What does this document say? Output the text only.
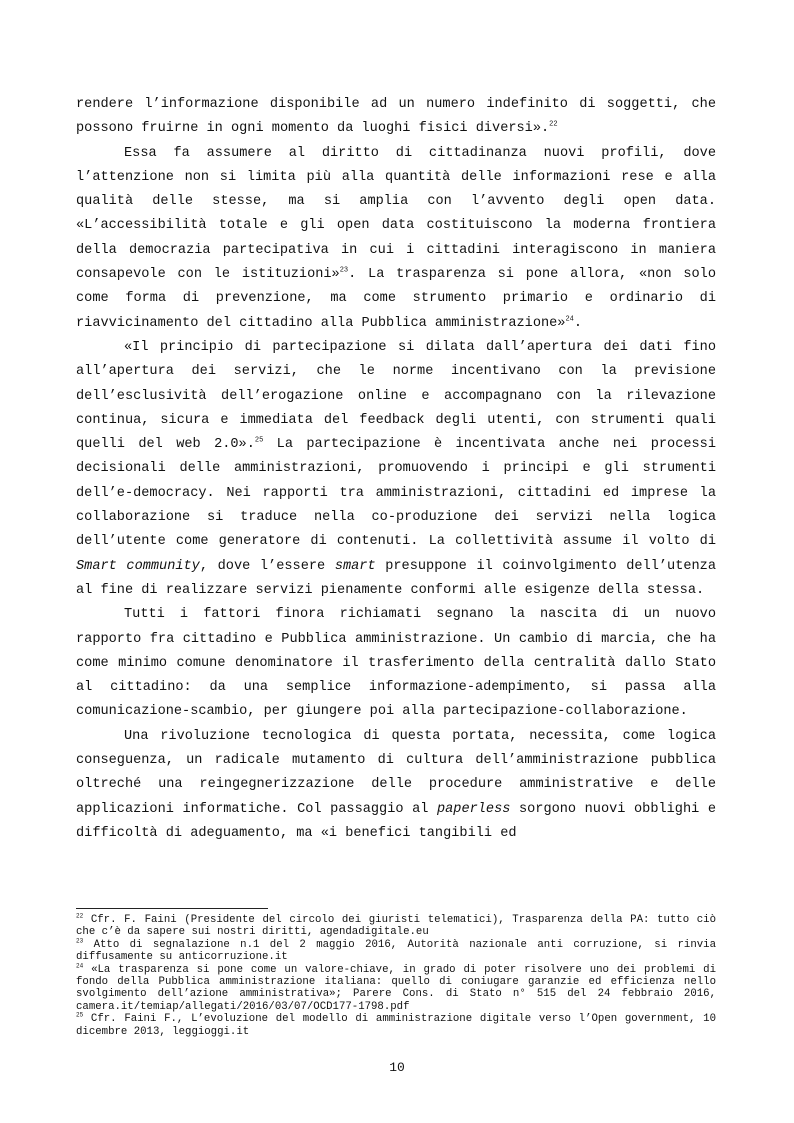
rendere l’informazione disponibile ad un numero indefinito di soggetti, che possono fruirne in ogni momento da luoghi fisici diversi».$^{22}$

Essa fa assumere al diritto di cittadinanza nuovi profili, dove l’attenzione non si limita più alla quantità delle informazioni rese e alla qualità delle stesse, ma si amplia con l’avvento degli open data. «L’accessibilità totale e gli open data costituiscono la moderna frontiera della democrazia partecipativa in cui i cittadini interagiscono in maniera consapevole con le istituzioni»$^{23}$. La trasparenza si pone allora, «non solo come forma di prevenzione, ma come strumento primario e ordinario di riavvicinamento del cittadino alla Pubblica amministrazione»$^{24}$.

«Il principio di partecipazione si dilata dall’apertura dei dati fino all’apertura dei servizi, che le norme incentivano con la previsione dell’esclusività dell’erogazione online e accompagnano con la rilevazione continua, sicura e immediata del feedback degli utenti, con strumenti quali quelli del web 2.0».$^{25}$ La partecipazione è incentivata anche nei processi decisionali delle amministrazioni, promuovendo i principi e gli strumenti dell’e-democracy. Nei rapporti tra amministrazioni, cittadini ed imprese la collaborazione si traduce nella co-produzione dei servizi nella logica dell’utente come generatore di contenuti. La collettività assume il volto di Smart community, dove l’essere smart presuppone il coinvolgimento dell’utenza al fine di realizzare servizi pienamente conformi alle esigenze della stessa.

Tutti i fattori finora richiamati segnano la nascita di un nuovo rapporto fra cittadino e Pubblica amministrazione. Un cambio di marcia, che ha come minimo comune denominatore il trasferimento della centralità dallo Stato al cittadino: da una semplice informazione-adempimento, si passa alla comunicazione-scambio, per giungere poi alla partecipazione-collaborazione.

Una rivoluzione tecnologica di questa portata, necessita, come logica conseguenza, un radicale mutamento di cultura dell’amministrazione pubblica oltreché una reingegnerizzazione delle procedure amministrative e delle applicazioni informatiche. Col passaggio al paperless sorgono nuovi obblighi e difficoltà di adeguamento, ma «i benefici tangibili ed

$^{22}$ Cfr. F. Faini (Presidente del circolo dei giuristi telematici), Trasparenza della PA: tutto ciò che c’è da sapere sui nostri diritti, agendadigitale.eu

$^{23}$ Atto di segnalazione n.1 del 2 maggio 2016, Autorità nazionale anti corruzione, si rinvia diffusamente su anticorruzione.it

$^{24}$ «La trasparenza si pone come un valore-chiave, in grado di poter risolvere uno dei problemi di fondo della Pubblica amministrazione italiana: quello di coniugare garanzie ed efficienza nello svolgimento dell’azione amministrativa»; Parere Cons. di Stato n° 515 del 24 febbraio 2016, camera.it/temiap/allegati/2016/03/07/OCD177-1798.pdf

$^{25}$ Cfr. Faini F., L’evoluzione del modello di amministrazione digitale verso l’Open government, 10 dicembre 2013, leggioggi.it

10
